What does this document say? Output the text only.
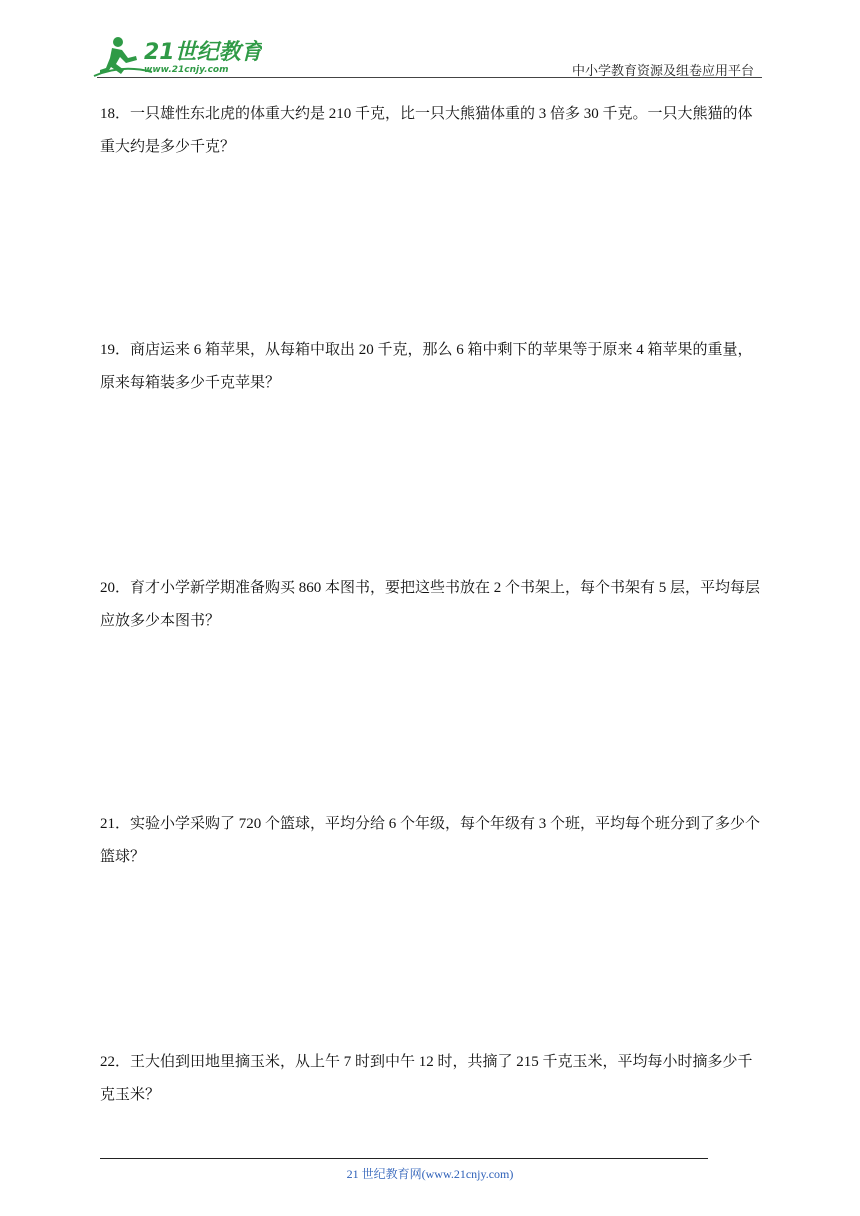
21世纪教育
www.21cnjy.com	中小学教育资源及组卷应用平台
18．一只雄性东北虎的体重大约是 210 千克，比一只大熊猫体重的 3 倍多 30 千克。一只大熊猫的体重大约是多少千克？
19．商店运来 6 箱苹果，从每箱中取出 20 千克，那么 6 箱中剩下的苹果等于原来 4 箱苹果的重量，原来每箱装多少千克苹果？
20．育才小学新学期准备购买 860 本图书，要把这些书放在 2 个书架上，每个书架有 5 层，平均每层应放多少本图书？
21．实验小学采购了 720 个篮球，平均分给 6 个年级，每个年级有 3 个班，平均每个班分到了多少个篮球？
22．王大伯到田地里摘玉米，从上午 7 时到中午 12 时，共摘了 215 千克玉米，平均每小时摘多少千克玉米？
21 世纪教育网(www.21cnjy.com)
